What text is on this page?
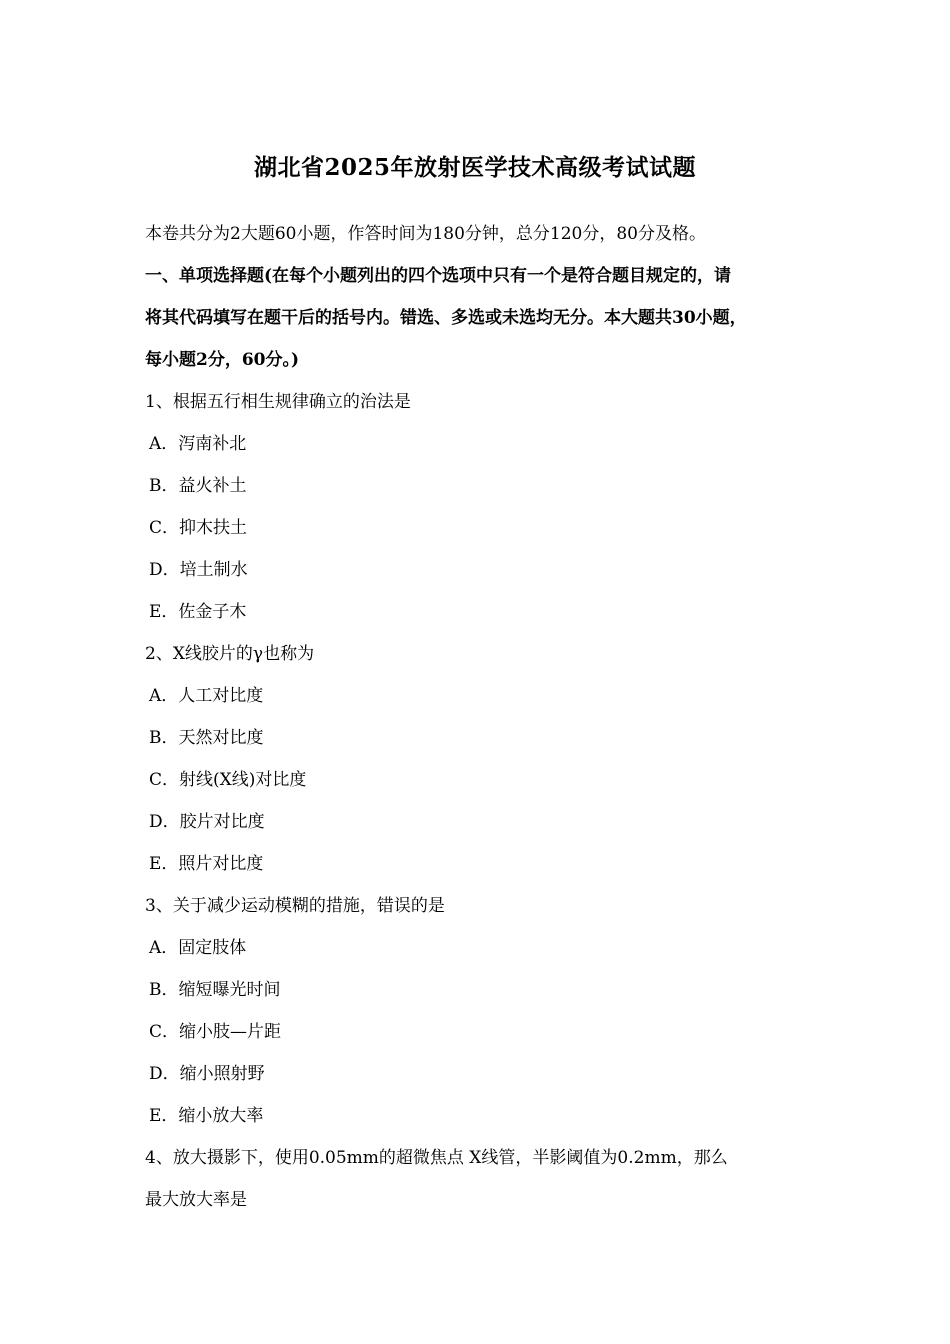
湖北省2025年放射医学技术高级考试试题
本卷共分为2大题60小题，作答时间为180分钟，总分120分，80分及格。
一、单项选择题(在每个小题列出的四个选项中只有一个是符合题目规定的，请
将其代码填写在题干后的括号内。错选、多选或未选均无分。本大题共30小题，
每小题2分，60分。)
1、根据五行相生规律确立的治法是
A．泻南补北
B．益火补土
C．抑木扶土
D．培土制水
E．佐金子木
2、X线胶片的γ也称为
A．人工对比度
B．天然对比度
C．射线(X线)对比度
D．胶片对比度
E．照片对比度
3、关于减少运动模糊的措施，错误的是
A．固定肢体
B．缩短曝光时间
C．缩小肢—片距
D．缩小照射野
E．缩小放大率
4、放大摄影下，使用0.05mm的超微焦点 X线管，半影阈值为0.2mm，那么
最大放大率是
